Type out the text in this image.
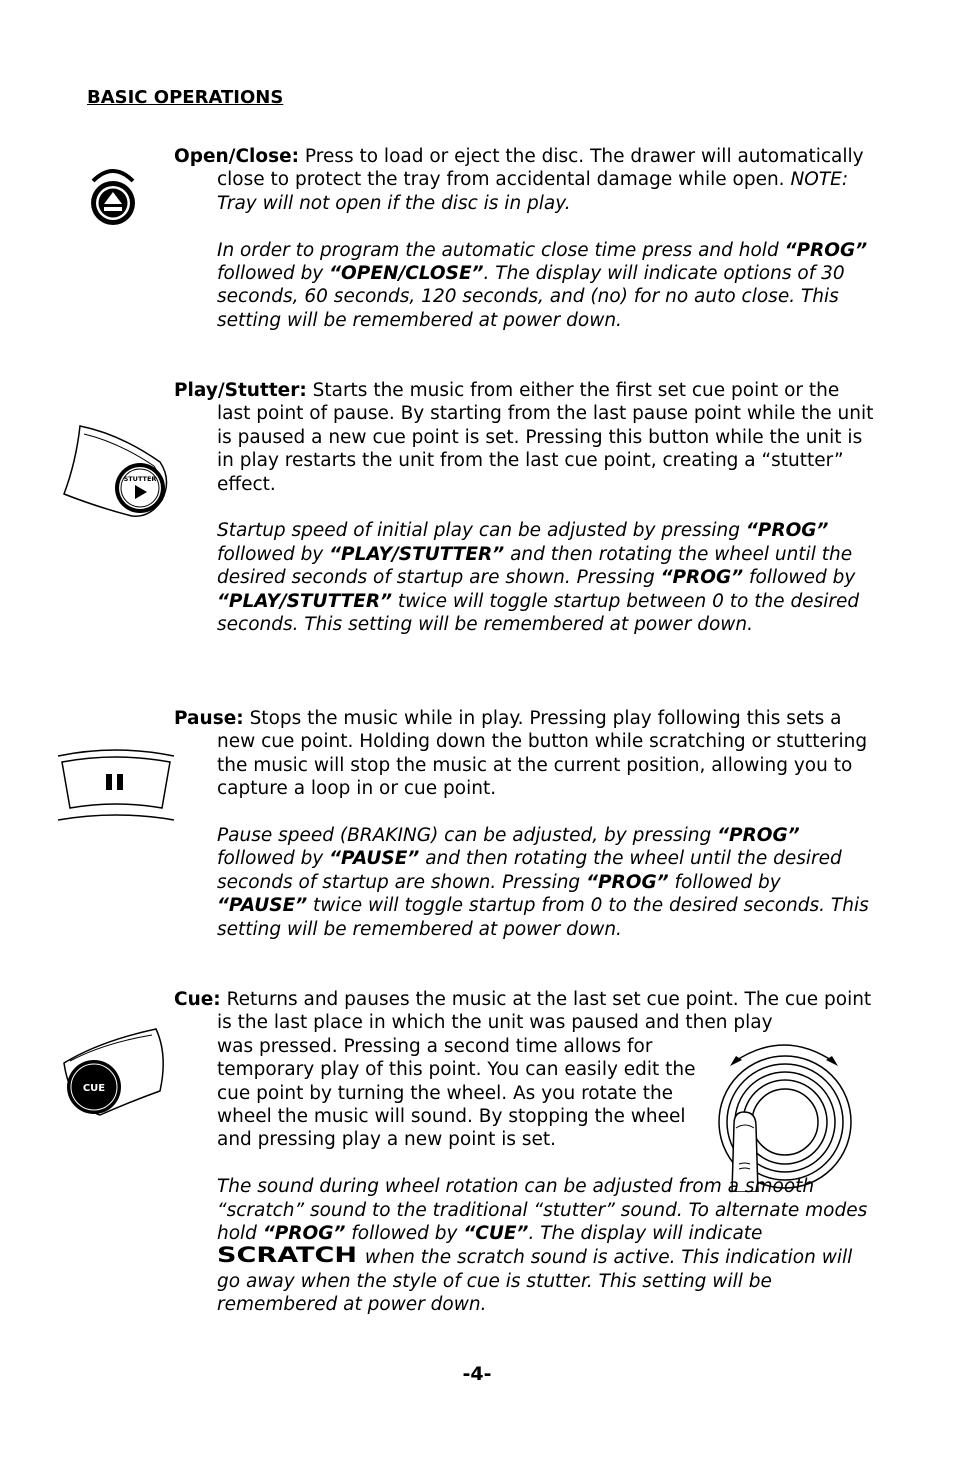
BASIC OPERATIONS

Open/Close: Press to load or eject the disc. The drawer will automatically close to protect the tray from accidental damage while open. NOTE: Tray will not open if the disc is in play.

In order to program the automatic close time press and hold “PROG” followed by “OPEN/CLOSE”. The display will indicate options of 30 seconds, 60 seconds, 120 seconds, and (no) for no auto close. This setting will be remembered at power down.

STUTTER

Play/Stutter: Starts the music from either the first set cue point or the last point of pause. By starting from the last pause point while the unit is paused a new cue point is set. Pressing this button while the unit is in play restarts the unit from the last cue point, creating a “stutter” effect.

Startup speed of initial play can be adjusted by pressing “PROG” followed by “PLAY/STUTTER” and then rotating the wheel until the desired seconds of startup are shown. Pressing “PROG” followed by “PLAY/STUTTER” twice will toggle startup between 0 to the desired seconds. This setting will be remembered at power down.

Pause: Stops the music while in play. Pressing play following this sets a new cue point. Holding down the button while scratching or stuttering the music will stop the music at the current position, allowing you to capture a loop in or cue point.

Pause speed (BRAKING) can be adjusted, by pressing “PROG” followed by “PAUSE” and then rotating the wheel until the desired seconds of startup are shown. Pressing “PROG” followed by “PAUSE” twice will toggle startup from 0 to the desired seconds. This setting will be remembered at power down.

CUE

Cue: Returns and pauses the music at the last set cue point. The cue point is the last place in which the unit was paused and then play

was pressed. Pressing a second time allows for temporary play of this point. You can easily edit the cue point by turning the wheel. As you rotate the wheel the music will sound. By stopping the wheel and pressing play a new point is set.

The sound during wheel rotation can be adjusted from a smooth “scratch” sound to the traditional “stutter” sound. To alternate modes hold “PROG” followed by “CUE”. The display will indicate

SCRATCH when the scratch sound is active. This indication will go away when the style of cue is stutter. This setting will be remembered at power down.

-4-
